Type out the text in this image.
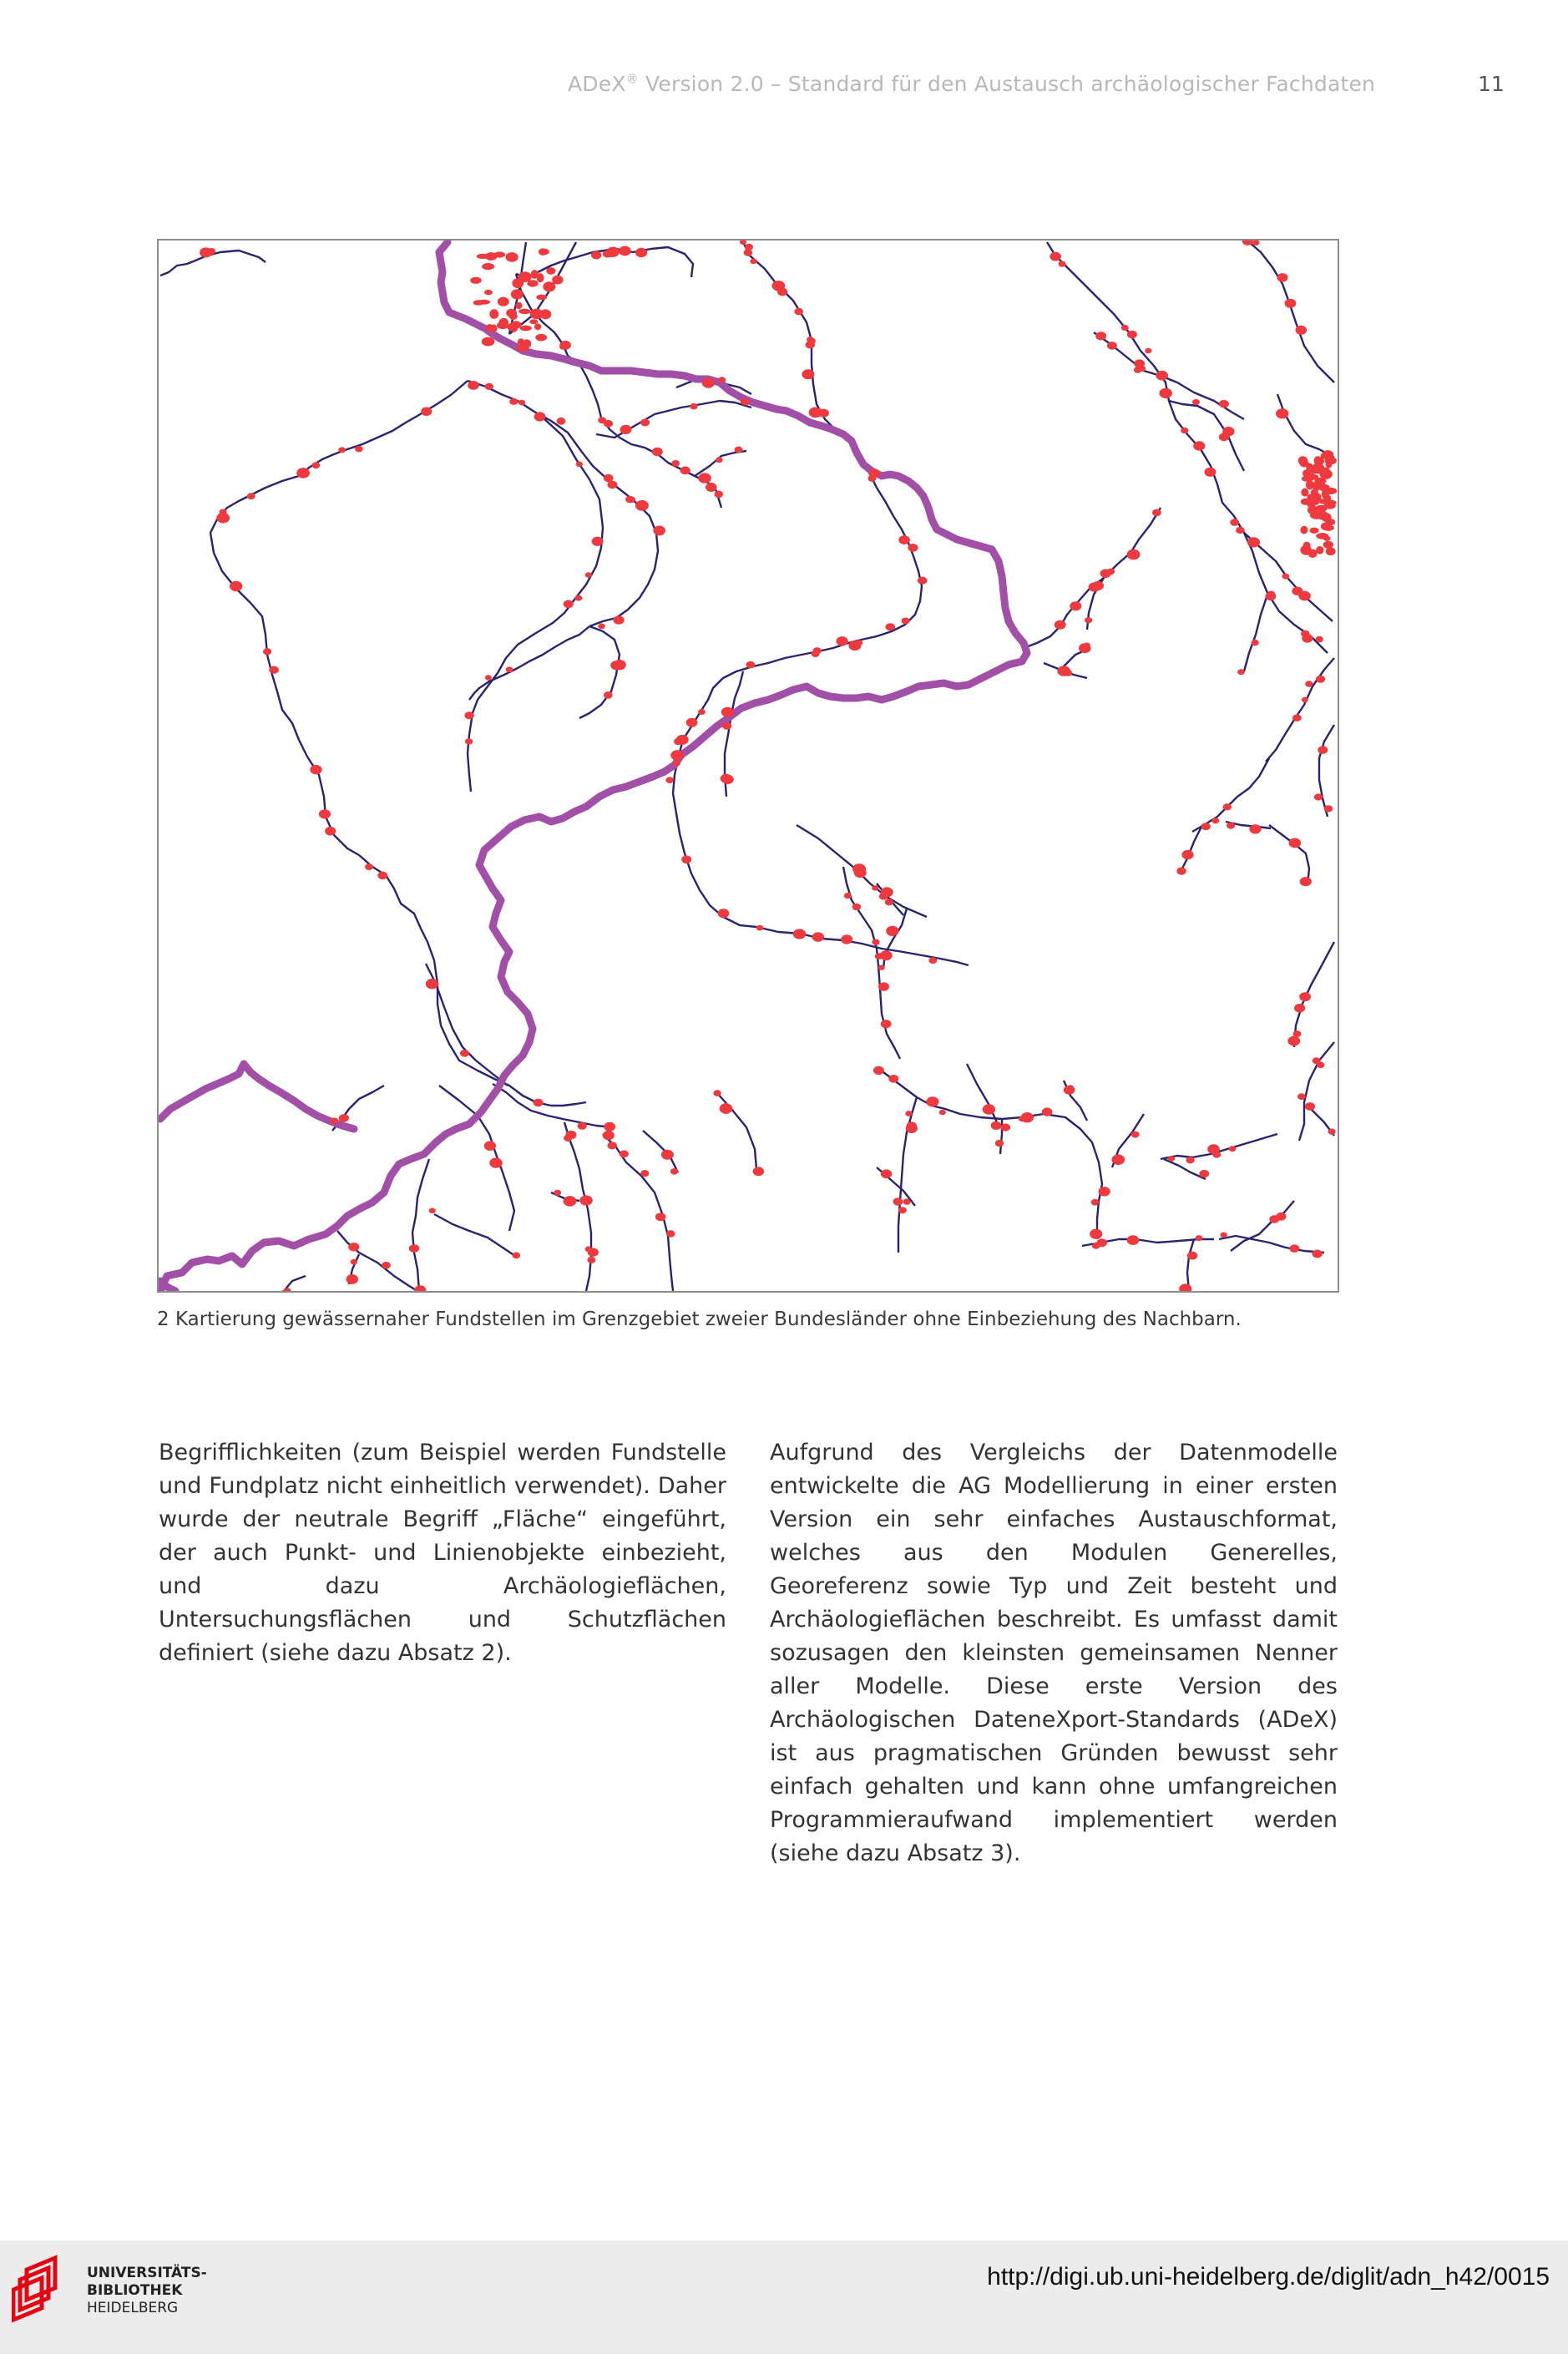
ADeX® Version 2.0 – Standard für den Austausch archäologischer Fachdaten	11
2 Kartierung gewässernaher Fundstellen im Grenzgebiet zweier Bundesländer ohne Einbeziehung des Nachbarn.

Begrifflichkeiten (zum Beispiel werden Fundstelle und Fundplatz nicht einheitlich verwendet). Daher wurde der neutrale Begriff „Fläche“ eingeführt, der auch Punkt- und Linienobjekte einbezieht, und dazu Archäologieflächen, Untersuchungsflächen und Schutzflächen definiert (siehe dazu Absatz 2).

Aufgrund des Vergleichs der Datenmodelle entwickelte die AG Modellierung in einer ersten Version ein sehr einfaches Austauschformat, welches aus den Modulen Generelles, Georeferenz sowie Typ und Zeit besteht und Archäologieflächen beschreibt. Es umfasst damit sozusagen den kleinsten gemeinsamen Nenner aller Modelle. Diese erste Version des Archäologischen DateneXport-Standards (ADeX) ist aus pragmatischen Gründen bewusst sehr einfach gehalten und kann ohne umfangreichen Programmieraufwand implementiert werden (siehe dazu Absatz 3).

UNIVERSITÄTS-
BIBLIOTHEK
HEIDELBERG
http://digi.ub.uni-heidelberg.de/diglit/adn_h42/0015
